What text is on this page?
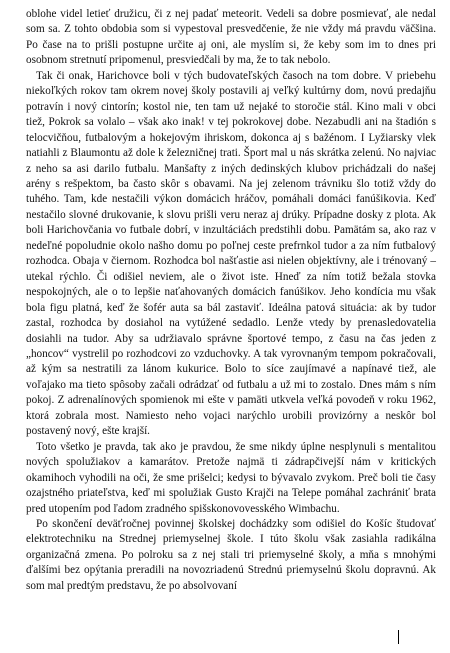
oblohe videl letieť družicu, či z nej padať meteorit. Vedeli sa dobre posmievať, ale nedal som sa. Z tohto obdobia som si vypestoval presvedčenie, že nie vždy má pravdu väčšina. Po čase na to prišli postupne určite aj oni, ale myslím si, že keby som im to dnes pri osobnom stretnutí pripomenul, presviedčali by ma, že to tak nebolo.

Tak či onak, Harichovce boli v tých budovateľských časoch na tom dobre. V priebehu niekoľkých rokov tam okrem novej školy postavili aj veľký kultúrny dom, novú predajňu potravín i nový cintorín; kostol nie, ten tam už nejaké to storočie stál. Kino mali v obci tiež, Pokrok sa volalo – však ako inak! v tej pokrokovej dobe. Nezabudli ani na štadión s telocvičňou, futbalovým a hokejovým ihriskom, dokonca aj s bažénom. I Lyžiarsky vlek natiahli z Blaumontu až dole k železničnej trati. Šport mal u nás skrátka zelenú. No najviac z neho sa asi darilo futbalu. Manšafty z iných dedinských klubov prichádzali do našej arény s rešpektom, ba často skôr s obavami. Na jej zelenom trávniku šlo totiž vždy do tuhého. Tam, kde nestačili výkon domácich hráčov, pomáhali domáci fanúšikovia. Keď nestačilo slovné drukovanie, k slovu prišli veru neraz aj drúky. Prípadne dosky z plota. Ak boli Harichovčania vo futbale dobrí, v inzultáciách predstihli dobu. Pamätám sa, ako raz v nedeľné popoludnie okolo našho domu po poľnej ceste prefrnkol tudor a za ním futbalový rozhodca. Obaja v čiernom. Rozhodca bol našťastie asi nielen objektívny, ale i trénovaný – utekal rýchlo. Či odišiel neviem, ale o život iste. Hneď za ním totiž bežala stovka nespokojných, ale o to lepšie naťahovaných domácich fanúšikov. Jeho kondícia mu však bola figu platná, keď že šofér auta sa bál zastaviť. Ideálna patová situácia: ak by tudor zastal, rozhodca by dosiahol na vytúžené sedadlo. Lenže vtedy by prenasledovatelia dosiahli na tudor. Aby sa udržiavalo správne športové tempo, z času na čas jeden z „honcov“ vystrelil po rozhodcovi zo vzduchovky. A tak vyrovnaným tempom pokračovali, až kým sa nestratili za lánom kukurice. Bolo to síce zaujímavé a napínavé tiež, ale voľajako ma tieto spôsoby začali odrádzať od futbalu a už mi to zostalo. Dnes mám s ním pokoj. Z adrenalínových spomienok mi ešte v pamäti utkvela veľká povodeň v roku 1962, ktorá zobrala most. Namiesto neho vojaci narýchlo urobili provizórny a neskôr bol postavený nový, ešte krajší.

Toto všetko je pravda, tak ako je pravdou, že sme nikdy úplne nesplynuli s mentalitou nových spolužiakov a kamarátov. Pretože najmä ti zádrapčivejší nám v kritických okamihoch vyhodili na oči, že sme prišelci; kedysi to bývavalo zvykom. Preč boli tie časy ozajstného priateľstva, keď mi spolužiak Gusto Krajči na Telepe pomáhal zachrániť brata pred utopením pod ľadom zradného spišskonovovesského Wimbachu.

Po skončení deväťročnej povinnej školskej dochádzky som odišiel do Košíc študovať elektrotechniku na Strednej priemyselnej škole. I túto školu však zasiahla radikálna organizačná zmena. Po polroku sa z nej stali tri priemyselné školy, a mňa s mnohými ďalšími bez opýtania preradili na novozriadenú Strednú priemyselnú školu dopravnú. Ak som mal predtým predstavu, že po absolvovaní
